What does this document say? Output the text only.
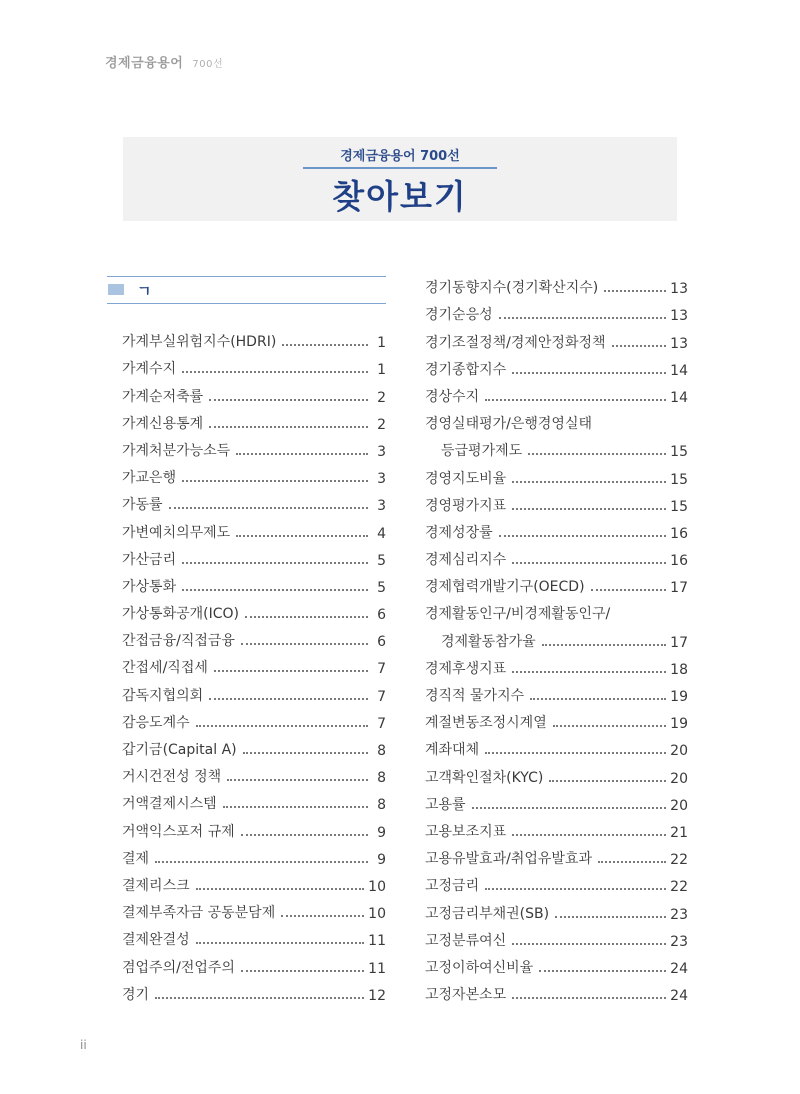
경제금융용어 700선
경제금융용어 700선
찾아보기
ㄱ
가계부실위험지수(HDRI)	1
가계수지	1
가계순저축률	2
가계신용통계	2
가계처분가능소득	3
가교은행	3
가동률	3
가변예치의무제도	4
가산금리	5
가상통화	5
가상통화공개(ICO)	6
간접금융/직접금융	6
간접세/직접세	7
감독지협의회	7
감응도계수	7
갑기금(Capital A)	8
거시건전성 정책	8
거액결제시스템	8
거액익스포저 규제	9
결제	9
결제리스크	10
결제부족자금 공동분담제	10
결제완결성	11
겸업주의/전업주의	11
경기	12
경기동향지수(경기확산지수)	13
경기순응성	13
경기조절정책/경제안정화정책	13
경기종합지수	14
경상수지	14
경영실태평가/은행경영실태
등급평가제도	15
경영지도비율	15
경영평가지표	15
경제성장률	16
경제심리지수	16
경제협력개발기구(OECD)	17
경제활동인구/비경제활동인구/
경제활동참가율	17
경제후생지표	18
경직적 물가지수	19
계절변동조정시계열	19
계좌대체	20
고객확인절차(KYC)	20
고용률	20
고용보조지표	21
고용유발효과/취업유발효과	22
고정금리	22
고정금리부채권(SB)	23
고정분류여신	23
고정이하여신비율	24
고정자본소모	24
ii
